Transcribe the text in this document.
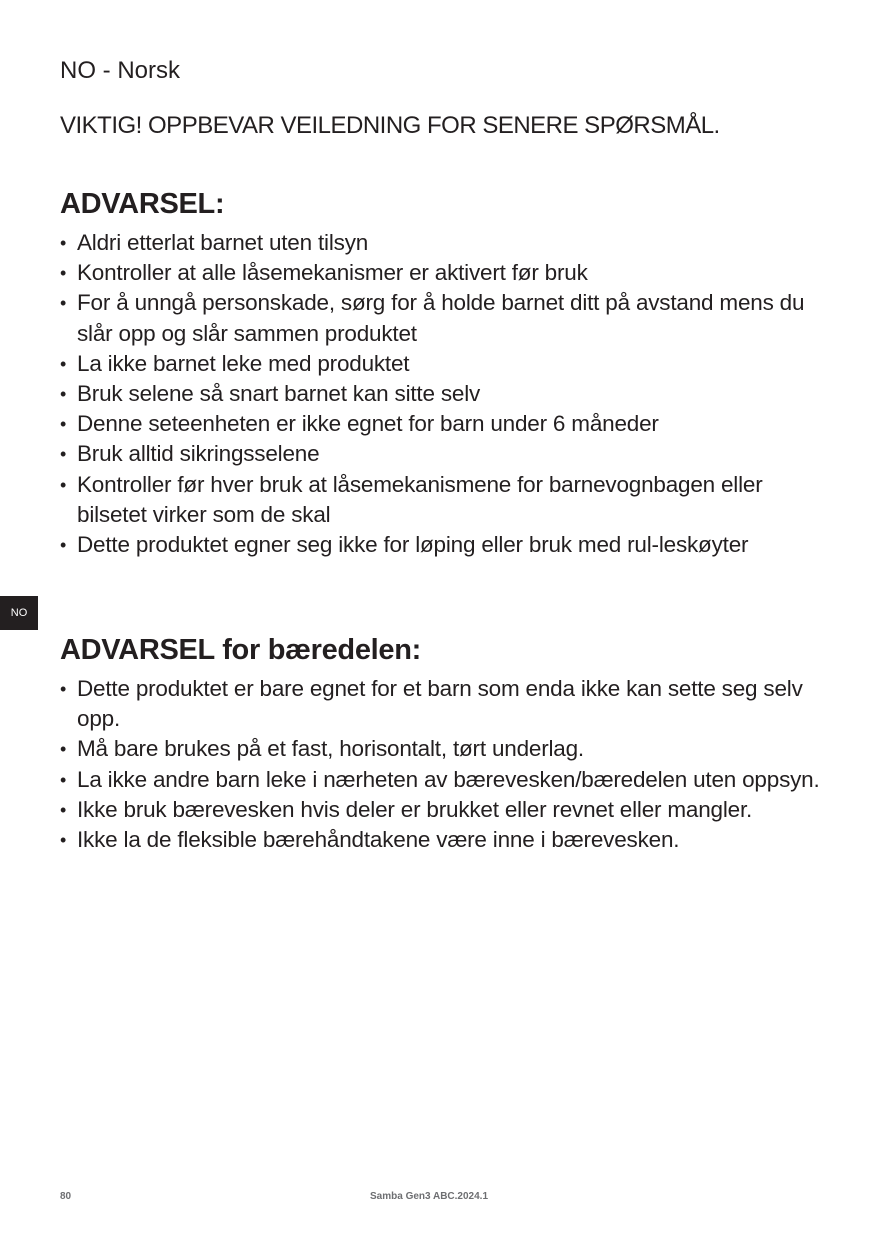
NO - Norsk
VIKTIG! OPPBEVAR VEILEDNING FOR SENERE SPØRSMÅL.
ADVARSEL:
• Aldri etterlat barnet uten tilsyn
• Kontroller at alle låsemekanismer er aktivert før bruk
• For å unngå personskade, sørg for å holde barnet ditt på avstand mens du slår opp og slår sammen produktet
• La ikke barnet leke med produktet
• Bruk selene så snart barnet kan sitte selv
• Denne seteenheten er ikke egnet for barn under 6 måneder
• Bruk alltid sikringsselene
• Kontroller før hver bruk at låsemekanismene for barnevognbagen eller bilsetet virker som de skal
• Dette produktet egner seg ikke for løping eller bruk med rul-leskøyter
NO
ADVARSEL for bæredelen:
• Dette produktet er bare egnet for et barn som enda ikke kan sette seg selv opp.
• Må bare brukes på et fast, horisontalt, tørt underlag.
• La ikke andre barn leke i nærheten av bærevesken/bæredelen uten oppsyn.
• Ikke bruk bærevesken hvis deler er brukket eller revnet eller mangler.
• Ikke la de fleksible bærehåndtakene være inne i bærevesken.
80	Samba Gen3 ABC.2024.1
